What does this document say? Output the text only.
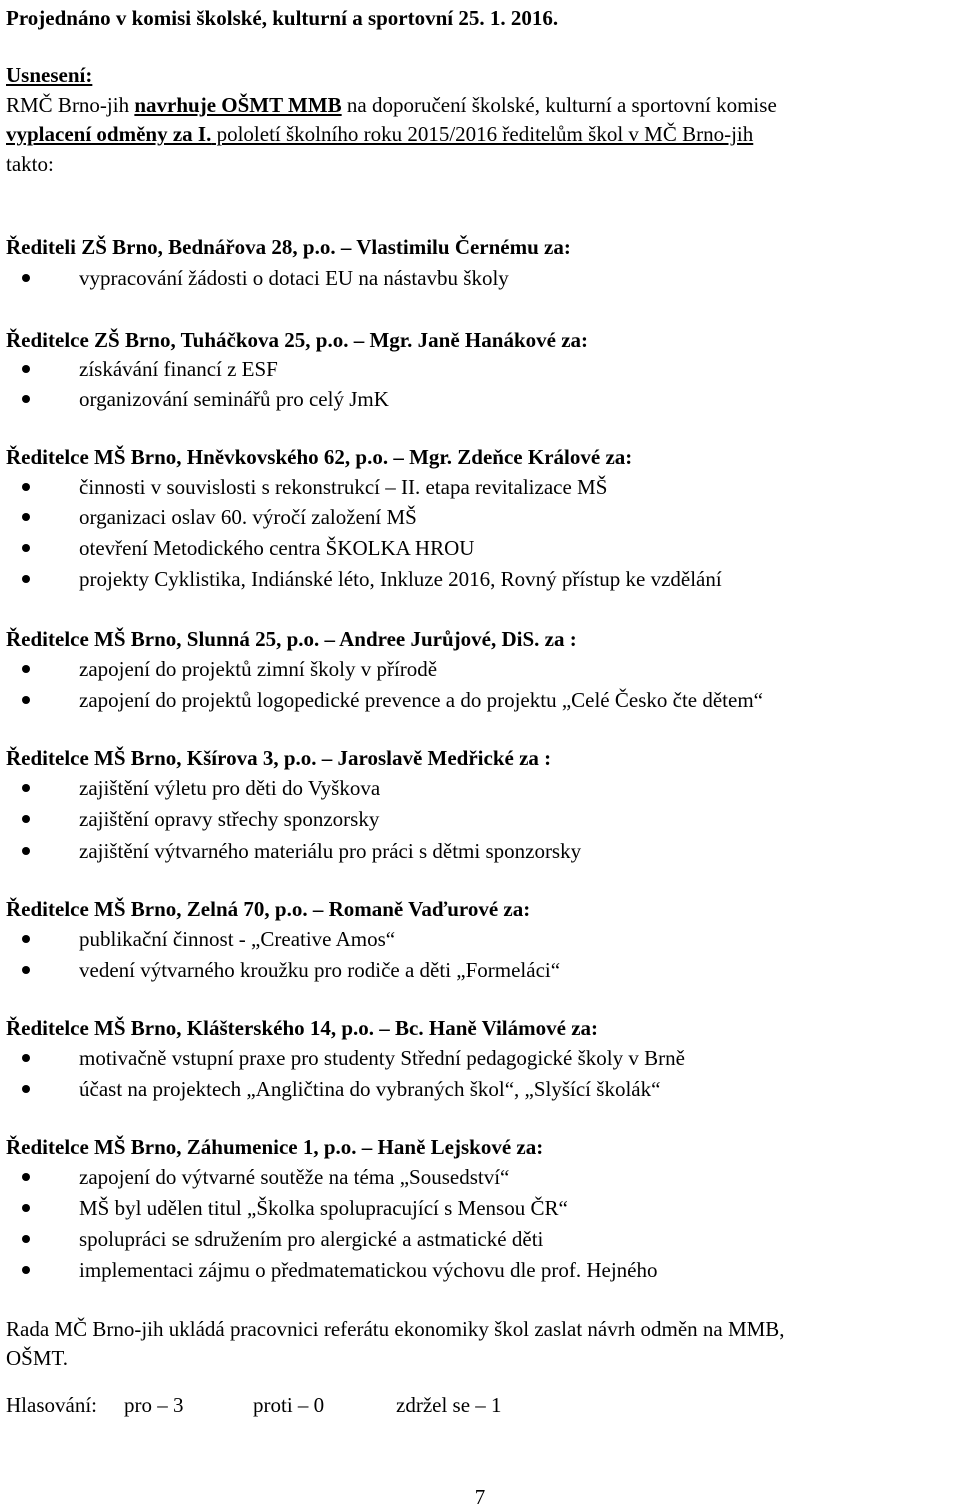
Projednáno v komisi školské, kulturní a sportovní 25. 1. 2016.
Usnesení:
RMČ Brno-jih navrhuje OŠMT MMB na doporučení školské, kulturní a sportovní komise
vyplacení odměny za I. pololetí školního roku 2015/2016 ředitelům škol v MČ Brno-jih
takto:
Řediteli ZŠ Brno, Bednářova 28, p.o. – Vlastimilu Černému za:
vypracování žádosti o dotaci EU na nástavbu školy
Ředitelce ZŠ Brno, Tuháčkova 25, p.o. – Mgr. Janě Hanákové za:
získávání financí z ESF
organizování seminářů pro celý JmK
Ředitelce MŠ Brno, Hněvkovského 62, p.o. – Mgr. Zdeňce Králové za:
činnosti v souvislosti s rekonstrukcí – II. etapa revitalizace MŠ
organizaci oslav 60. výročí založení MŠ
otevření Metodického centra ŠKOLKA HROU
projekty Cyklistika, Indiánské léto, Inkluze 2016, Rovný přístup ke vzdělání
Ředitelce MŠ Brno, Slunná 25, p.o. – Andree Jurůjové, DiS. za :
zapojení do projektů zimní školy v přírodě
zapojení do projektů logopedické prevence a do projektu „Celé Česko čte dětem“
Ředitelce MŠ Brno, Kšírova 3, p.o. – Jaroslavě Medřické za :
zajištění výletu pro děti do Vyškova
zajištění opravy střechy sponzorsky
zajištění výtvarného materiálu pro práci s dětmi sponzorsky
Ředitelce MŠ Brno, Zelná 70, p.o. – Romaně Vaďurové za:
publikační činnost - „Creative Amos“
vedení výtvarného kroužku pro rodiče a děti „Formeláci“
Ředitelce MŠ Brno, Klášterského 14, p.o. – Bc. Haně Vilámové za:
motivačně vstupní praxe pro studenty Střední pedagogické školy v Brně
účast na projektech „Angličtina do vybraných škol“, „Slyšící školák“
Ředitelce MŠ Brno, Záhumenice 1, p.o. – Haně Lejskové za:
zapojení do výtvarné soutěže na téma „Sousedství“
MŠ byl udělen titul „Školka spolupracující s Mensou ČR“
spolupráci se sdružením pro alergické a astmatické děti
implementaci zájmu o předmatematickou výchovu dle prof. Hejného
Rada MČ Brno-jih ukládá pracovnici referátu ekonomiky škol zaslat návrh odměn na MMB,
OŠMT.
Hlasování: pro – 3	proti – 0	zdržel se – 1
7
